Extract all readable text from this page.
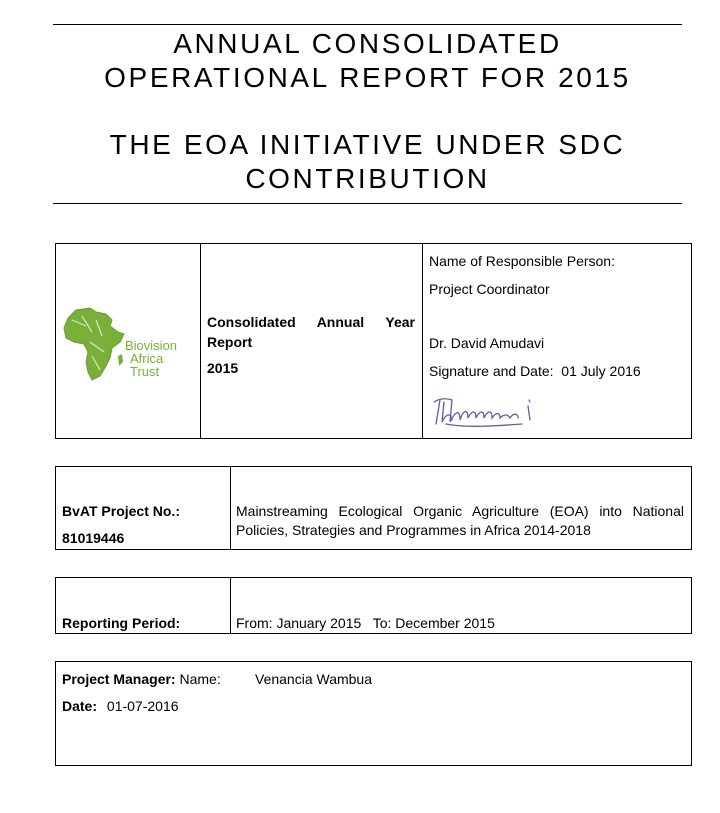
ANNUAL CONSOLIDATED
OPERATIONAL REPORT FOR 2015
THE EOA INITIATIVE UNDER SDC
CONTRIBUTION
Biovision
Africa
Trust
Consolidated Annual Year Report
2015
Name of Responsible Person:
Project Coordinator
Dr. David Amudavi
Signature and Date:  01 July 2016
BvAT Project No.:
81019446
Mainstreaming Ecological Organic Agriculture (EOA) into National Policies, Strategies and Programmes in Africa 2014-2018
Reporting Period:	From: January 2015   To: December 2015
Project Manager: Name: Venancia Wambua
Date: 01-07-2016
